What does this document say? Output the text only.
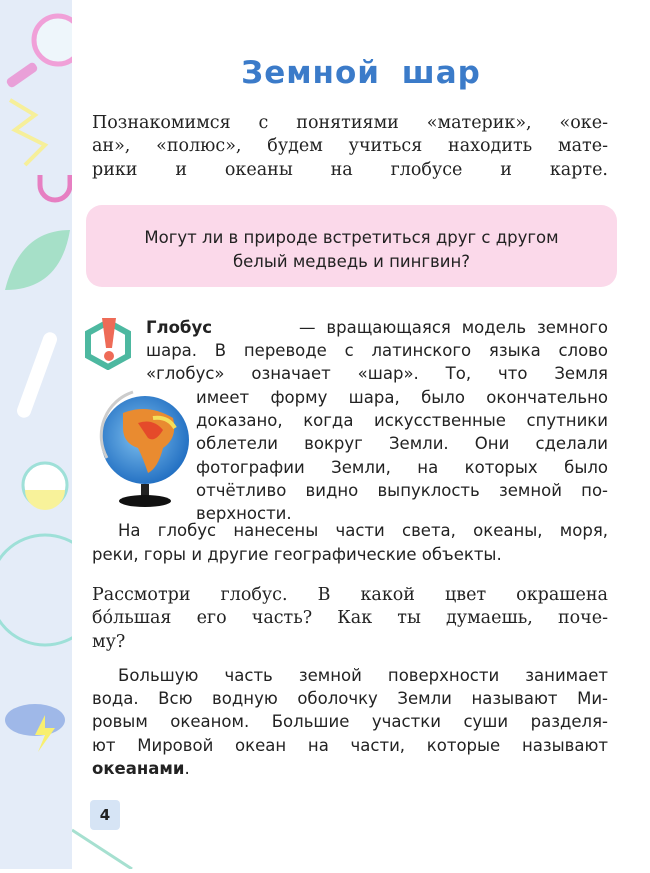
Земной шар
Познакомимся с понятиями «материк», «оке-
ан», «полюс», будем учиться находить мате-
рики и океаны на глобусе и карте.
Могут ли в природе встретиться друг с другом
белый медведь и пингвин?
Глобус	— вращающаяся модель земного
шара. В переводе с латинского языка слово
«глобус» означает «шар». То, что Земля
имеет форму шара, было окончательно
доказано, когда искусственные спутники
облетели вокруг Земли. Они сделали
фотографии Земли, на которых было
отчётливо видно выпуклость земной по-
верхности.
На глобус нанесены части света, океаны, моря,
реки, горы и другие географические объекты.
Рассмотри глобус. В какой цвет окрашена
бóльшая его часть? Как ты думаешь, поче-
му?
Большую часть земной поверхности занимает
вода. Всю водную оболочку Земли называют Ми-
ровым океаном. Большие участки суши разделя-
ют Мировой океан на части, которые называют
океанами.
4
